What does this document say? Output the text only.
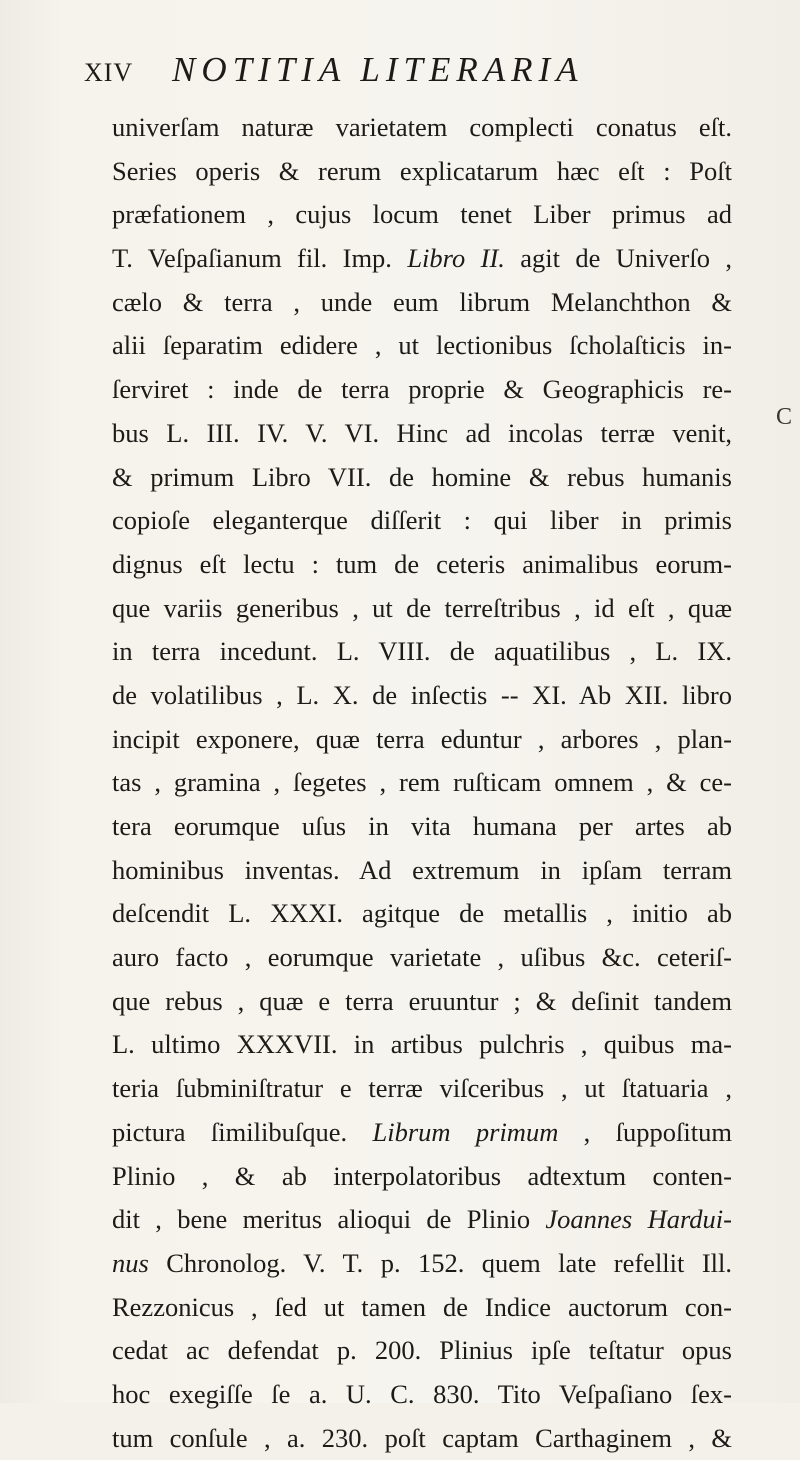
XIV NOTITIA LITERARIA
univerſam naturæ varietatem complecti conatus eſt.
Series operis & rerum explicatarum hæc eſt : Poſt
præfationem , cujus locum tenet Liber primus ad
T. Veſpaſianum fil. Imp. Libro II. agit de Univerſo ,
cælo & terra , unde eum librum Melanchthon &
alii ſeparatim edidere , ut lectionibus ſcholaſticis in-
ſerviret : inde de terra proprie & Geographicis re-
bus L. III. IV. V. VI. Hinc ad incolas terræ venit,
& primum Libro VII. de homine & rebus humanis
copioſe eleganterque diſſerit : qui liber in primis
dignus eſt lectu : tum de ceteris animalibus eorum-
que variis generibus , ut de terreſtribus , id eſt , quæ
in terra incedunt. L. VIII. de aquatilibus , L. IX.
de volatilibus , L. X. de inſectis -- XI. Ab XII. libro
incipit exponere, quæ terra eduntur , arbores , plan-
tas , gramina , ſegetes , rem ruſticam omnem , & ce-
tera eorumque uſus in vita humana per artes ab
hominibus inventas. Ad extremum in ipſam terram
deſcendit L. XXXI. agitque de metallis , initio ab
auro facto , eorumque varietate , uſibus &c. ceteriſ-
que rebus , quæ e terra eruuntur ; & deſinit tandem
L. ultimo XXXVII. in artibus pulchris , quibus ma-
teria ſubminiſtratur e terræ viſceribus , ut ſtatuaria ,
pictura ſimilibuſque. Librum primum , ſuppoſitum
Plinio , & ab interpolatoribus adtextum conten-
dit , bene meritus alioqui de Plinio Joannes Hardui-
nus Chronolog. V. T. p. 152. quem late refellit Ill.
Rezzonicus , ſed ut tamen de Indice auctorum con-
cedat ac defendat p. 200. Plinius ipſe teſtatur opus
hoc exegiſſe ſe a. U. C. 830. Tito Veſpaſiano ſex-
tum conſule , a. 230. poſt captam Carthaginem , &
C
